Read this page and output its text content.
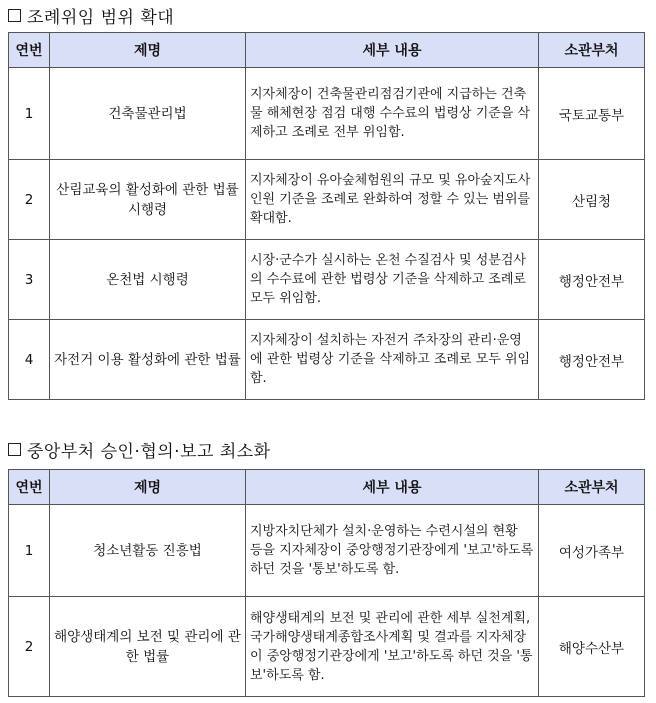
조례위임 범위 확대
연번	제명	세부 내용	소관부처
1	건축물관리법	지자체장이 건축물관리점검기관에 지급하는 건축물 해체현장 점검 대행 수수료의 법령상 기준을 삭제하고 조례로 전부 위임함.	국토교통부
2	산림교육의 활성화에 관한 법률 시행령	지자체장이 유아숲체험원의 규모 및 유아숲지도사 인원 기준을 조례로 완화하여 정할 수 있는 범위를 확대함.	산림청
3	온천법 시행령	시장·군수가 실시하는 온천 수질검사 및 성분검사의 수수료에 관한 법령상 기준을 삭제하고 조례로 모두 위임함.	행정안전부
4	자전거 이용 활성화에 관한 법률	지자체장이 설치하는 자전거 주차장의 관리·운영에 관한 법령상 기준을 삭제하고 조례로 모두 위임함.	행정안전부
중앙부처 승인·협의·보고 최소화
연번	제명	세부 내용	소관부처
1	청소년활동 진흥법	지방자치단체가 설치·운영하는 수련시설의 현황 등을 지자체장이 중앙행정기관장에게 '보고'하도록 하던 것을 '통보'하도록 함.	여성가족부
2	해양생태계의 보전 및 관리에 관한 법률	해양생태계의 보전 및 관리에 관한 세부 실천계획, 국가해양생태계종합조사계획 및 결과를 지자체장이 중앙행정기관장에게 '보고'하도록 하던 것을 '통보'하도록 함.	해양수산부
